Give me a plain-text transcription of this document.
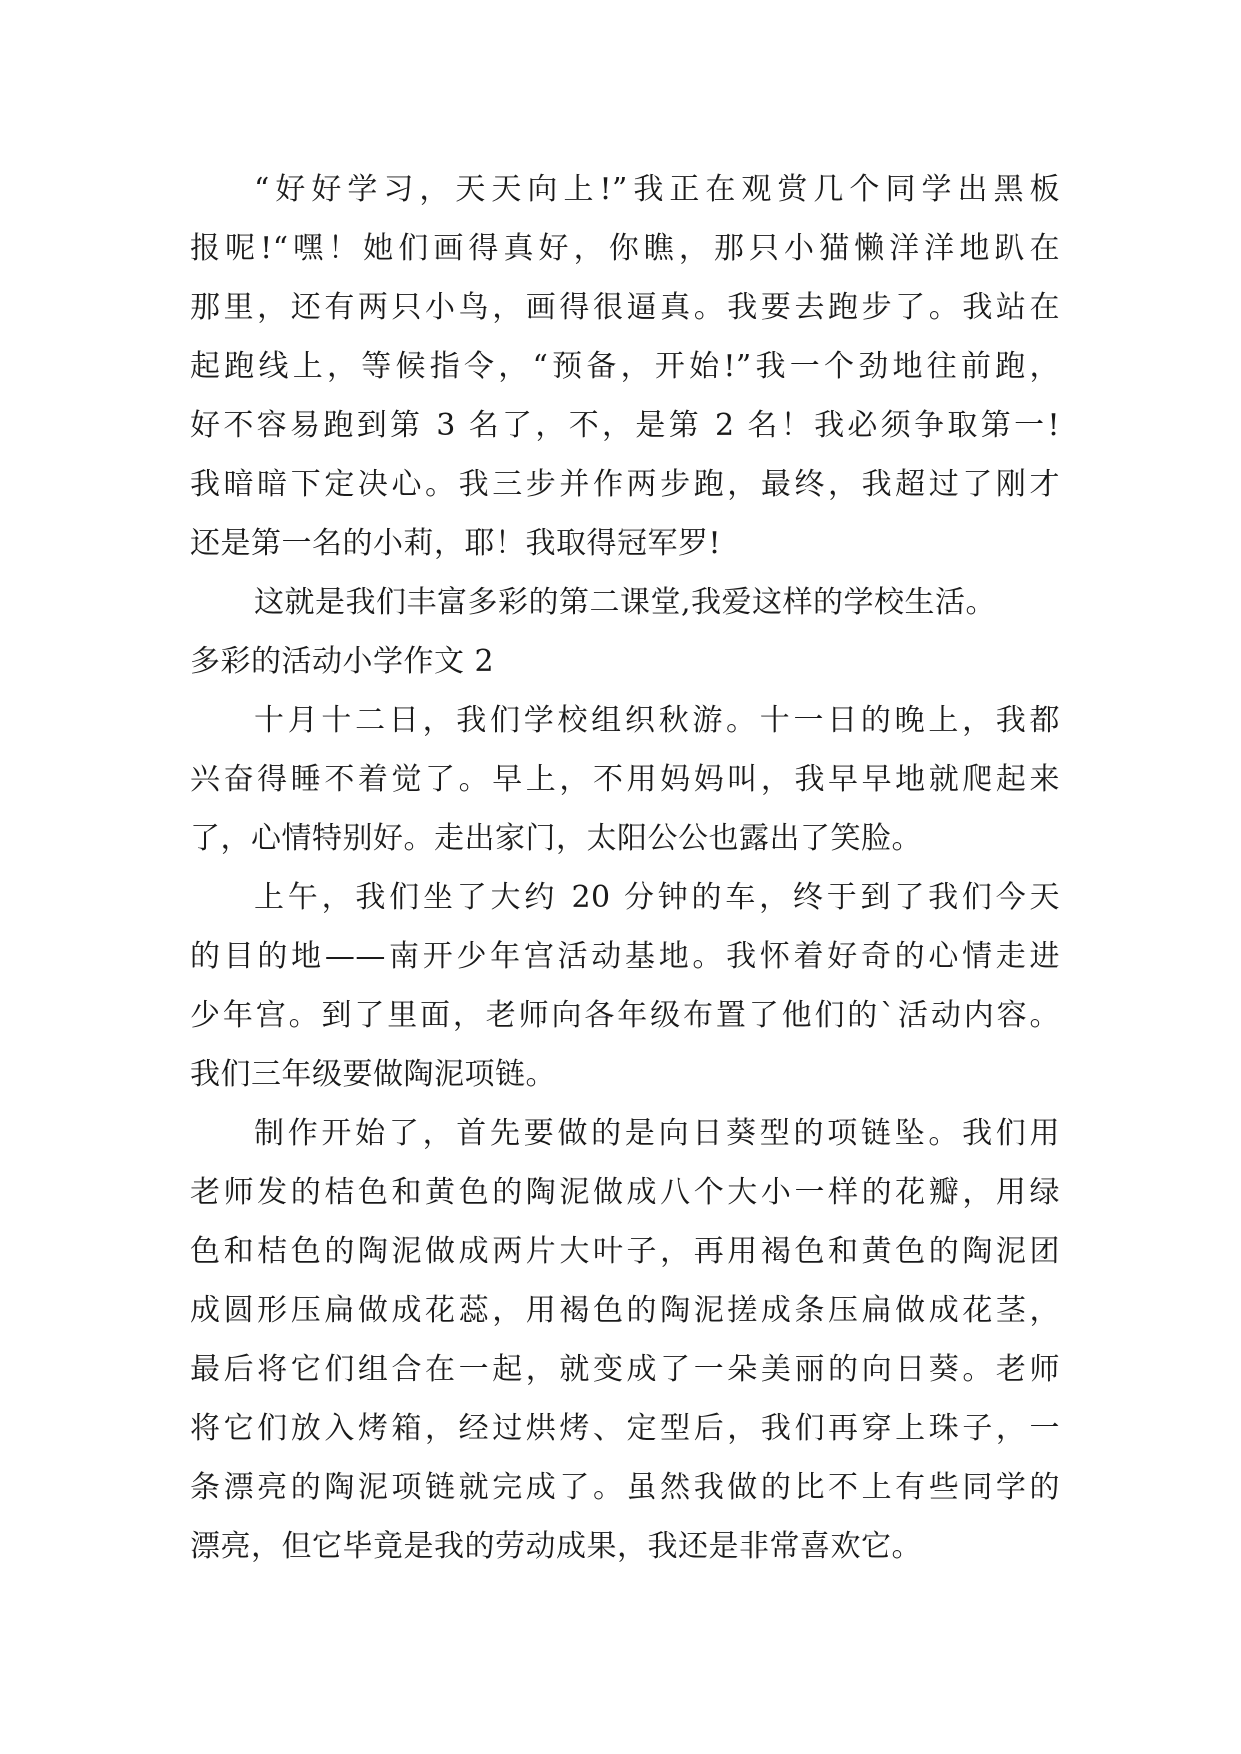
“好好学习，天天向上!”我正在观赏几个同学出黑板
报呢!“嘿！她们画得真好，你瞧，那只小猫懒洋洋地趴在
那里，还有两只小鸟，画得很逼真。我要去跑步了。我站在
起跑线上，等候指令，“预备，开始!”我一个劲地往前跑，
好不容易跑到第 3 名了，不，是第 2 名！我必须争取第一!
我暗暗下定决心。我三步并作两步跑，最终，我超过了刚才
还是第一名的小莉，耶！我取得冠军罗!
这就是我们丰富多彩的第二课堂,我爱这样的学校生活。
多彩的活动小学作文 2
十月十二日，我们学校组织秋游。十一日的晚上，我都
兴奋得睡不着觉了。早上，不用妈妈叫，我早早地就爬起来
了，心情特别好。走出家门，太阳公公也露出了笑脸。
上午，我们坐了大约 20 分钟的车，终于到了我们今天
的目的地——南开少年宫活动基地。我怀着好奇的心情走进
少年宫。到了里面，老师向各年级布置了他们的`活动内容。
我们三年级要做陶泥项链。
制作开始了，首先要做的是向日葵型的项链坠。我们用
老师发的桔色和黄色的陶泥做成八个大小一样的花瓣，用绿
色和桔色的陶泥做成两片大叶子，再用褐色和黄色的陶泥团
成圆形压扁做成花蕊，用褐色的陶泥搓成条压扁做成花茎，
最后将它们组合在一起，就变成了一朵美丽的向日葵。老师
将它们放入烤箱，经过烘烤、定型后，我们再穿上珠子，一
条漂亮的陶泥项链就完成了。虽然我做的比不上有些同学的
漂亮，但它毕竟是我的劳动成果，我还是非常喜欢它。
